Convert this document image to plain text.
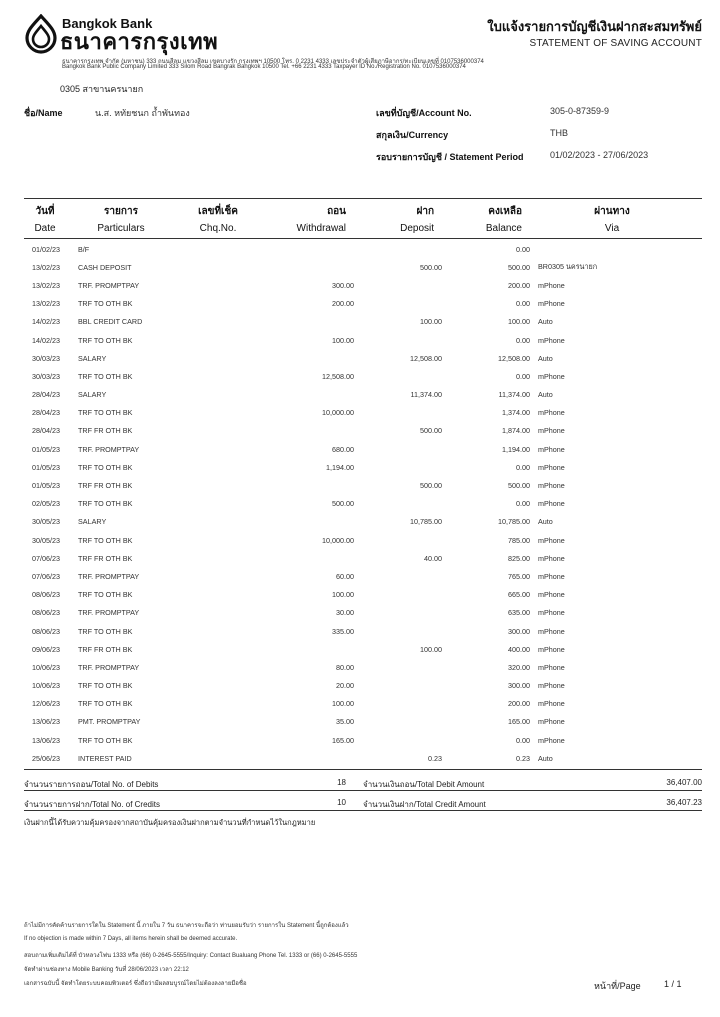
Bangkok Bank
ธนาคารกรุงเทพ
ธนาคารกรุงเทพ จำกัด (มหาชน) 333 ถนนสีลม แขวงสีลม เขตบางรัก กรุงเทพฯ 10500 โทร. 0 2231 4333 เลขประจำตัวผู้เสียภาษีอากร/ทะเบียนเลขที่ 0107536000374
Bangkok Bank Public Company Limited 333 Silom Road Bangrak Bangkok 10500 Tel. +66 2231 4333 Taxpayer ID No./Registration No. 0107536000374
ใบแจ้งรายการบัญชีเงินฝากสะสมทรัพย์
STATEMENT OF SAVING ACCOUNT
0305 สาขานครนายก
ชื่อ/Name	น.ส. หทัยชนก ถ้ำพันทอง	เลขที่บัญชี/Account No.	305-0-87359-9
สกุลเงิน/Currency	THB
รอบรายการบัญชี / Statement Period	01/02/2023 - 27/06/2023
วันที่	รายการ	เลขที่เช็ค	ถอน	ฝาก	คงเหลือ	ผ่านทาง
Date	Particulars	Chq.No.	Withdrawal	Deposit	Balance	Via
01/02/23	B/F				0.00	
13/02/23	CASH DEPOSIT			500.00	500.00	BR0305 นครนายก
13/02/23	TRF. PROMPTPAY		300.00		200.00	mPhone
13/02/23	TRF TO OTH BK		200.00		0.00	mPhone
14/02/23	BBL CREDIT CARD			100.00	100.00	Auto
14/02/23	TRF TO OTH BK		100.00		0.00	mPhone
30/03/23	SALARY			12,508.00	12,508.00	Auto
30/03/23	TRF TO OTH BK		12,508.00		0.00	mPhone
28/04/23	SALARY			11,374.00	11,374.00	Auto
28/04/23	TRF TO OTH BK		10,000.00		1,374.00	mPhone
28/04/23	TRF FR OTH BK			500.00	1,874.00	mPhone
01/05/23	TRF. PROMPTPAY		680.00		1,194.00	mPhone
01/05/23	TRF TO OTH BK		1,194.00		0.00	mPhone
01/05/23	TRF FR OTH BK			500.00	500.00	mPhone
02/05/23	TRF TO OTH BK		500.00		0.00	mPhone
30/05/23	SALARY			10,785.00	10,785.00	Auto
30/05/23	TRF TO OTH BK		10,000.00		785.00	mPhone
07/06/23	TRF FR OTH BK			40.00	825.00	mPhone
07/06/23	TRF. PROMPTPAY		60.00		765.00	mPhone
08/06/23	TRF TO OTH BK		100.00		665.00	mPhone
08/06/23	TRF. PROMPTPAY		30.00		635.00	mPhone
08/06/23	TRF TO OTH BK		335.00		300.00	mPhone
09/06/23	TRF FR OTH BK			100.00	400.00	mPhone
10/06/23	TRF. PROMPTPAY		80.00		320.00	mPhone
10/06/23	TRF TO OTH BK		20.00		300.00	mPhone
12/06/23	TRF TO OTH BK		100.00		200.00	mPhone
13/06/23	PMT. PROMPTPAY		35.00		165.00	mPhone
13/06/23	TRF TO OTH BK		165.00		0.00	mPhone
25/06/23	INTEREST PAID			0.23	0.23	Auto
จำนวนรายการถอน/Total No. of Debits	18 จำนวนเงินถอน/Total Debit Amount	36,407.00
จำนวนรายการฝาก/Total No. of Credits	10 จำนวนเงินฝาก/Total Credit Amount	36,407.23
เงินฝากนี้ได้รับความคุ้มครองจากสถาบันคุ้มครองเงินฝากตามจำนวนที่กำหนดไว้ในกฎหมาย
ถ้าไม่มีการคัดค้านรายการใดใน Statement นี้ ภายใน 7 วัน ธนาคารจะถือว่า ท่านยอมรับว่า รายการใน Statement นี้ถูกต้องแล้ว
If no objection is made within 7 Days, all items herein shall be deemed accurate.
สอบถามเพิ่มเติมได้ที่ บัวหลวงโฟน 1333 หรือ (66) 0-2645-5555/Inquiry: Contact Bualuang Phone Tel. 1333 or (66) 0-2645-5555
จัดทำผ่านช่องทาง Mobile Banking วันที่ 28/06/2023 เวลา 22:12
เอกสารฉบับนี้ จัดทำโดยระบบคอมพิวเตอร์ ซึ่งถือว่ามีผลสมบูรณ์โดยไม่ต้องลงลายมือชื่อ	หน้าที่/Page	1 / 1
